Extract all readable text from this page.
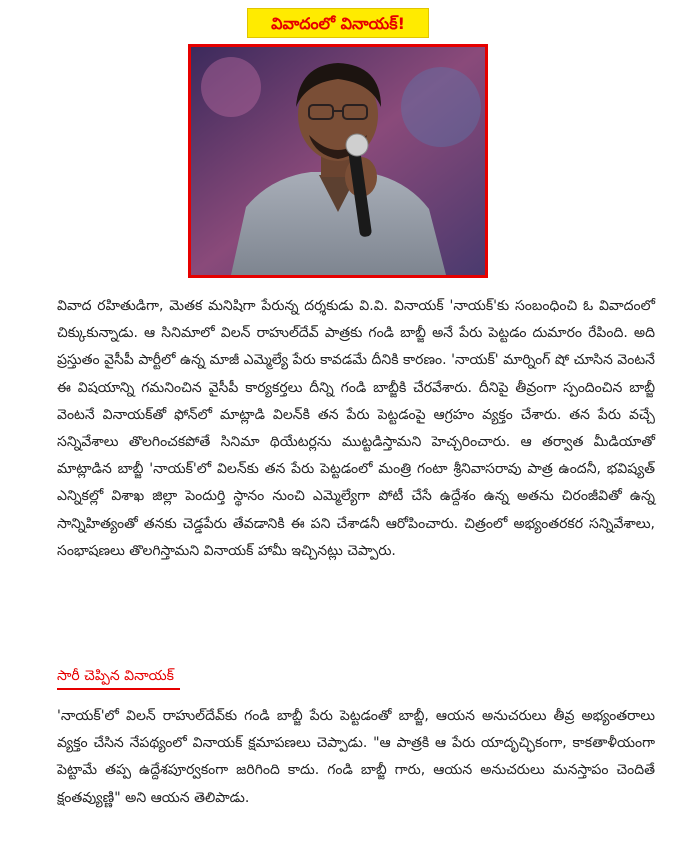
వివాదంలో వినాయక్!

వివాద రహితుడిగా, మెతక మనిషిగా పేరున్న దర్శకుడు వి.వి. వినాయక్ 'నాయక్'కు సంబంధించి ఓ వివాదంలో చిక్కుకున్నాడు. ఆ సినిమాలో విలన్ రాహుల్‌దేవ్ పాత్రకు గండి బాబ్జీ అనే పేరు పెట్టడం దుమారం రేపింది. అది ప్రస్తుతం వైసీపీ పార్టీలో ఉన్న మాజీ ఎమ్మెల్యే పేరు కావడమే దీనికి కారణం. 'నాయక్' మార్నింగ్ షో చూసిన వెంటనే ఈ విషయాన్ని గమనించిన వైసీపీ కార్యకర్తలు దీన్ని గండి బాబ్జీకి చేరవేశారు. దీనిపై తీవ్రంగా స్పందించిన బాబ్జీ వెంటనే వినాయక్‌తో ఫోన్‌లో మాట్లాడి విలన్‌కి తన పేరు పెట్టడంపై ఆగ్రహం వ్యక్తం చేశారు. తన పేరు వచ్చే సన్నివేశాలు తొలగించకపోతే సినిమా థియేటర్లను ముట్టడిస్తామని హెచ్చరించారు. ఆ తర్వాత మీడియాతో మాట్లాడిన బాబ్జీ 'నాయక్'లో విలన్‌కు తన పేరు పెట్టడంలో మంత్రి గంటా శ్రీనివాసరావు పాత్ర ఉందనీ, భవిష్యత్ ఎన్నికల్లో విశాఖ జిల్లా పెందుర్తి స్థానం నుంచి ఎమ్మెల్యేగా పోటీ చేసే ఉద్దేశం ఉన్న అతను చిరంజీవితో ఉన్న సాన్నిహిత్యంతో తనకు చెడ్డపేరు తేవడానికి ఈ పని చేశాడనీ ఆరోపించారు. చిత్రంలో అభ్యంతరకర సన్నివేశాలు, సంభాషణలు తొలగిస్తామని వినాయక్ హామీ ఇచ్చినట్లు చెప్పారు.

సారీ చెప్పిన వినాయక్

'నాయక్'లో విలన్ రాహుల్‌దేవ్‌కు గండి బాబ్జీ పేరు పెట్టడంతో బాబ్జీ, ఆయన అనుచరులు తీవ్ర అభ్యంతరాలు వ్యక్తం చేసిన నేపథ్యంలో వినాయక్ క్షమాపణలు చెప్పాడు. "ఆ పాత్రకి ఆ పేరు యాదృచ్ఛికంగా, కాకతాళీయంగా పెట్టామే తప్ప ఉద్దేశపూర్వకంగా జరిగింది కాదు. గండి బాబ్జీ గారు, ఆయన అనుచరులు మనస్తాపం చెందితే క్షంతవ్యుణ్ణి" అని ఆయన తెలిపాడు.
